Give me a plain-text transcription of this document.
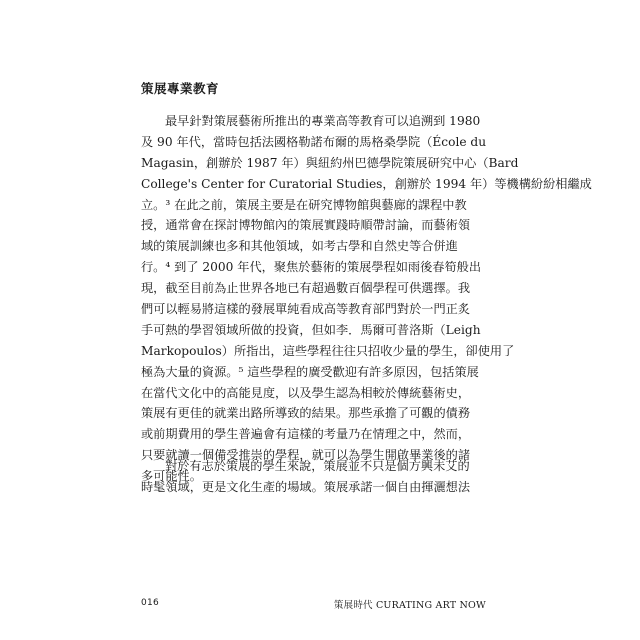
策展專業教育
最早針對策展藝術所推出的專業高等教育可以追溯到 1980
及 90 年代，當時包括法國格勒諾布爾的馬格桑學院（École du
Magasin，創辦於 1987 年）與紐約州巴德學院策展研究中心（Bard
College's Center for Curatorial Studies，創辦於 1994 年）等機構紛紛相繼成
立。³ 在此之前，策展主要是在研究博物館與藝廊的課程中教
授，通常會在探討博物館內的策展實踐時順帶討論，而藝術領
域的策展訓練也多和其他領域，如考古學和自然史等合併進
行。⁴ 到了 2000 年代，聚焦於藝術的策展學程如雨後春筍般出
現，截至目前為止世界各地已有超過數百個學程可供選擇。我
們可以輕易將這樣的發展單純看成高等教育部門對於一門正炙
手可熱的學習領域所做的投資，但如李．馬爾可普洛斯（Leigh
Markopoulos）所指出，這些學程往往只招收少量的學生，卻使用了
極為大量的資源。⁵ 這些學程的廣受歡迎有許多原因，包括策展
在當代文化中的高能見度，以及學生認為相較於傳統藝術史，
策展有更佳的就業出路所導致的結果。那些承擔了可觀的債務
或前期費用的學生普遍會有這樣的考量乃在情理之中，然而，
只要就讀一個備受推崇的學程，就可以為學生開啟畢業後的諸
多可能性。
對於有志於策展的學生來說，策展並不只是個方興未艾的
時髦領域，更是文化生產的場域。策展承諾一個自由揮灑想法
016	策展時代 CURATING ART NOW
